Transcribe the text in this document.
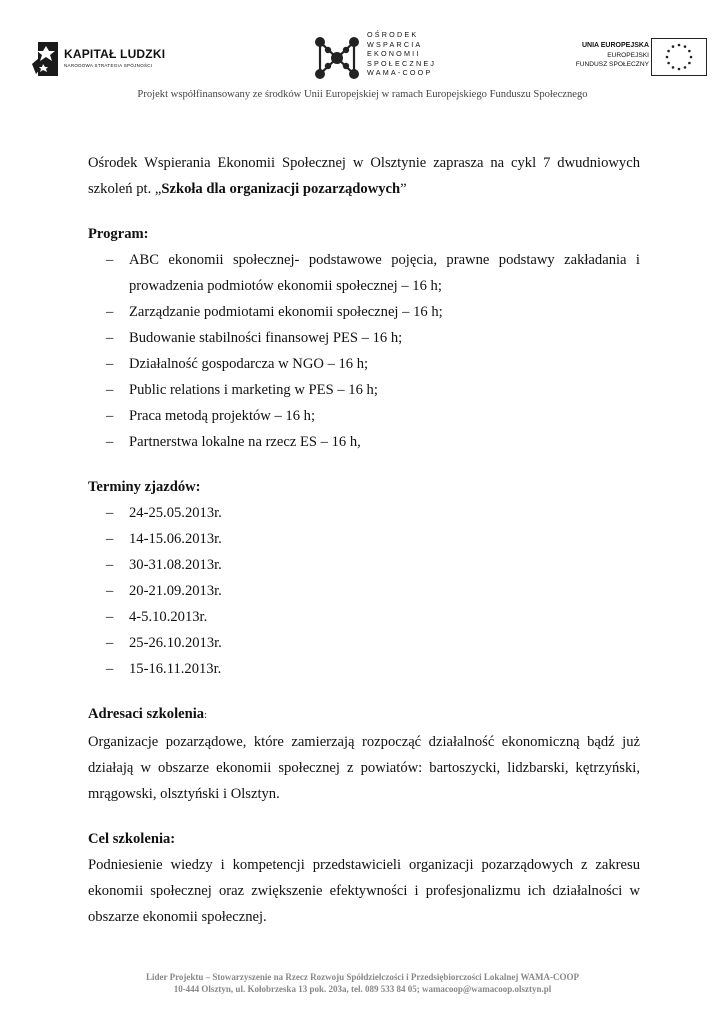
KAPITAŁ LUDZKI
NARODOWA STRATEGIA SPÓJNOŚCI
OŚRODEK
WSPARCIA
EKONOMII
SPOŁECZNEJ
WAMA-COOP
UNIA EUROPEJSKA
EUROPEJSKI
FUNDUSZ SPOŁECZNY
Projekt współfinansowany ze środków Unii Europejskiej w ramach Europejskiego Funduszu Społecznego

Ośrodek Wspierania Ekonomii Społecznej w Olsztynie zaprasza na cykl 7 dwudniowych szkoleń pt. „Szkoła dla organizacji pozarządowych”

Program:

– ABC ekonomii społecznej- podstawowe pojęcia, prawne podstawy zakładania i prowadzenia podmiotów ekonomii społecznej – 16 h;
– Zarządzanie podmiotami ekonomii społecznej – 16 h;
– Budowanie stabilności finansowej PES – 16 h;
– Działalność gospodarcza w NGO – 16 h;
– Public relations i marketing w PES – 16 h;
– Praca metodą projektów – 16 h;
– Partnerstwa lokalne na rzecz ES – 16 h,

Terminy zjazdów:

– 24-25.05.2013r.
– 14-15.06.2013r.
– 30-31.08.2013r.
– 20-21.09.2013r.
– 4-5.10.2013r.
– 25-26.10.2013r.
– 15-16.11.2013r.

Adresaci szkolenia:

Organizacje pozarządowe, które zamierzają rozpocząć działalność ekonomiczną bądź już działają w obszarze ekonomii społecznej z powiatów: bartoszycki, lidzbarski, kętrzyński, mrągowski, olsztyński i Olsztyn.

Cel szkolenia:

Podniesienie wiedzy i kompetencji przedstawicieli organizacji pozarządowych z zakresu ekonomii społecznej oraz zwiększenie efektywności i profesjonalizmu ich działalności w obszarze ekonomii społecznej.

Lider Projektu – Stowarzyszenie na Rzecz Rozwoju Spółdzielczości i Przedsiębiorczości Lokalnej WAMA-COOP
10-444 Olsztyn, ul. Kołobrzeska 13 pok. 203a, tel. 089 533 84 05; wamacoop@wamacoop.olsztyn.pl
